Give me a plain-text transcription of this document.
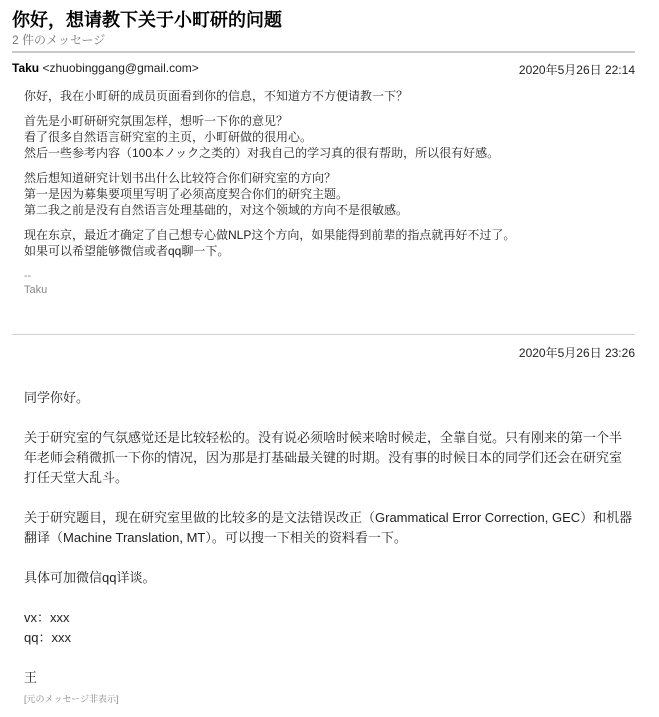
你好，想请教下关于小町研的问题
2 件のメッセージ
Taku <zhuobinggang@gmail.com>	2020年5月26日 22:14

你好，我在小町研的成员页面看到你的信息，不知道方不方便请教一下？

首先是小町研研究氛围怎样，想听一下你的意见？
看了很多自然语言研究室的主页，小町研做的很用心。
然后一些参考内容（100本ノック之类的）对我自己的学习真的很有帮助，所以很有好感。

然后想知道研究计划书出什么比较符合你们研究室的方向？
第一是因为募集要项里写明了必须高度契合你们的研究主题。
第二我之前是没有自然语言处理基础的，对这个领域的方向不是很敏感。

现在东京，最近才确定了自己想专心做NLP这个方向，如果能得到前辈的指点就再好不过了。
如果可以希望能够微信或者qq聊一下。

--
Taku
2020年5月26日 23:26

同学你好。

关于研究室的气氛感觉还是比较轻松的。没有说必须啥时候来啥时候走，全靠自觉。只有刚来的第一个半年老师会稍微抓一下你的情况，因为那是打基础最关键的时期。没有事的时候日本的同学们还会在研究室打任天堂大乱斗。

关于研究题目，现在研究室里做的比较多的是文法错误改正（Grammatical Error Correction, GEC）和机器翻译（Machine Translation, MT）。可以搜一下相关的资料看一下。

具体可加微信qq详谈。

vx：xxx
qq：xxx

王

[元のメッセージ非表示]
